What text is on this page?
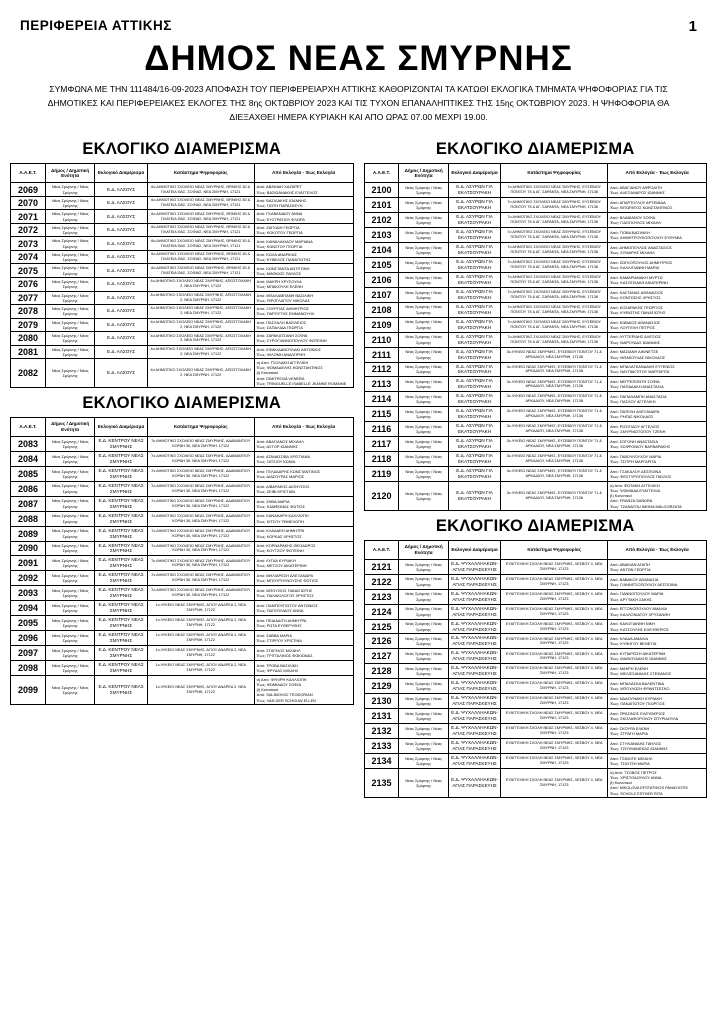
ΠΕΡΙΦΕΡΕΙΑ ΑΤΤΙΚΗΣ	1
ΔΗΜΟΣ ΝΕΑΣ ΣΜΥΡΝΗΣ
ΣΥΜΦΩΝΑ ΜΕ ΤΗΝ 111484/16-09-2023 ΑΠΟΦΑΣΗ ΤΟΥ ΠΕΡΙΦΕΡΕΙΑΡΧΗ ΑΤΤΙΚΗΣ ΚΑΘΟΡΙΖΟΝΤΑΙ ΤΑ ΚΑΤΩΘΙ ΕΚΛΟΓΙΚΑ ΤΜΗΜΑΤΑ ΨΗΦΟΦΟΡΙΑΣ ΓΙΑ ΤΙΣ ΔΗΜΟΤΙΚΕΣ ΚΑΙ ΠΕΡΙΦΕΡΕΙΑΚΕΣ ΕΚΛΟΓΕΣ ΤΗΣ 8ης ΟΚΤΩΒΡΙΟΥ 2023 ΚΑΙ ΤΙΣ ΤΥΧΟΝ ΕΠΑΝΑΛΗΠΤΙΚΕΣ ΤΗΣ 15ης ΟΚΤΩΒΡΙΟΥ 2023. Η ΨΗΦΟΦΟΡΙΑ ΘΑ ΔΙΕΞΑΧΘΕΙ ΗΜΕΡΑ ΚΥΡΙΑΚΗ ΚΑΙ ΑΠΟ ΩΡΑΣ 07.00 ΜΕΧΡΙ 19.00.
ΕΚΛΟΓΙΚΟ ΔΙΑΜΕΡΙΣΜΑ
Α.Α.Ε.Τ.	Δήμος / Δημοτική Ενότητα	Εκλογικό Διαμέρισμα	Κατάστημα Ψηφοφορίας	Από Εκλογέα - Έως Εκλογέα
2069	Νέας Σμύρνης / Νέας Σμύρνης	Ε.Δ. ΑΛΣΟΥΣ	6ο ΔΗΜΟΤΙΚΟ ΣΧΟΛΕΙΟ ΝΕΑΣ ΣΜΥΡΝΗΣ, ΘΡΑΚΗΣ 30 & ΠΛΑΤΕΙΑ ΘΑΣ. ΣΟΦΙΑΣ, ΝΕΑ ΣΜΥΡΝΗ, 17121	Από: ΑΒΑΝΙΔΗ ΧΑΖΑΡΕΤ
Έως: ΒΑΣΙΩΑΝΑΚΗΣ ΕΥΑΓΓΕΛΟΣ
2070	Νέας Σμύρνης / Νέας Σμύρνης	Ε.Δ. ΑΛΣΟΥΣ	6ο ΔΗΜΟΤΙΚΟ ΣΧΟΛΕΙΟ ΝΕΑΣ ΣΜΥΡΝΗΣ, ΘΡΑΚΗΣ 30 & ΠΛΑΤΕΙΑ ΘΑΣ. ΣΟΦΙΑΣ, ΝΕΑ ΣΜΥΡΝΗ, 17121	Από: ΒΑΣΙΛΑΚΗΣ ΙΩΑΝΝΗΣ
Έως: ΓΙΩΤΗ ΠΑΡΑΣΚΕΥΗ
2071	Νέας Σμύρνης / Νέας Σμύρνης	Ε.Δ. ΑΛΣΟΥΣ	6ο ΔΗΜΟΤΙΚΟ ΣΧΟΛΕΙΟ ΝΕΑΣ ΣΜΥΡΝΗΣ, ΘΡΑΚΗΣ 30 & ΠΛΑΤΕΙΑ ΘΑΣ. ΣΟΦΙΑΣ, ΝΕΑ ΣΜΥΡΝΗ, 17121	Από: ΓΚΑΒΑΝΙΔΟΥ ΑΝΝΑ
Έως: ΕΥΣΤΡΑΤΙΟΥ ΦΛΩΡΑ
2072	Νέας Σμύρνης / Νέας Σμύρνης	Ε.Δ. ΑΛΣΟΥΣ	6ο ΔΗΜΟΤΙΚΟ ΣΧΟΛΕΙΟ ΝΕΑΣ ΣΜΥΡΝΗΣ, ΘΡΑΚΗΣ 30 & ΠΛΑΤΕΙΑ ΘΑΣ. ΣΟΦΙΑΣ, ΝΕΑ ΣΜΥΡΝΗ, 17121	Από: ΖΑΓΚΑΙΗ ΓΕΩΡΓΙΑ
Έως: ΚΟΚΟΤΟΥ ΓΕΩΡΓΙΑ
2073	Νέας Σμύρνης / Νέας Σμύρνης	Ε.Δ. ΑΛΣΟΥΣ	6ο ΔΗΜΟΤΙΚΟ ΣΧΟΛΕΙΟ ΝΕΑΣ ΣΜΥΡΝΗΣ, ΘΡΑΚΗΣ 30 & ΠΛΑΤΕΙΑ ΘΑΣ. ΣΟΦΙΑΣ, ΝΕΑ ΣΜΥΡΝΗ, 17121	Από: ΚΑΜΑΛΑΚΙΔΟΥ ΜΑΡΙΑΝΑ
Έως: ΚΩΝΣΤΟΥ ΓΕΩΡΓΙΑ
2074	Νέας Σμύρνης / Νέας Σμύρνης	Ε.Δ. ΑΛΣΟΥΣ	6ο ΔΗΜΟΤΙΚΟ ΣΧΟΛΕΙΟ ΝΕΑΣ ΣΜΥΡΝΗΣ, ΘΡΑΚΗΣ 30 & ΠΛΑΤΕΙΑ ΘΑΣ. ΣΟΦΙΑΣ, ΝΕΑ ΣΜΥΡΝΗ, 17121	Από: ΚΩΛΑ ΑΝΔΡΙΚΑΣ
Έως: ΚΥΒΕΛΟΣ ΠΑΝΑΓΙΩΤΗΣ
2075	Νέας Σμύρνης / Νέας Σμύρνης	Ε.Δ. ΑΛΣΟΥΣ	6ο ΔΗΜΟΤΙΚΟ ΣΧΟΛΕΙΟ ΝΕΑΣ ΣΜΥΡΝΗΣ, ΘΡΑΚΗΣ 30 & ΠΛΑΤΕΙΑ ΘΑΣ. ΣΟΦΙΑΣ, ΝΕΑ ΣΜΥΡΝΗ, 17121	Από: ΚΩΝΣΤΑΝΤΑ ΑΝΤΙΓΟΝΗ
Έως: ΜΑΘΚΙΩΣ ΠΑΥΛΟΣ
2076	Νέας Σμύρνης / Νέας Σμύρνης	Ε.Δ. ΑΛΣΟΥΣ	4ο ΔΗΜΟΤΙΚΟ ΣΧΟΛΕΙΟ ΝΕΑΣ ΣΜΥΡΝΗΣ, ΑΠΟΣΤΟΛΑΚΗ 2, ΝΕΑ ΣΜΥΡΝΗ, 17122	Από: ΜΑΚΡΗ ΧΡΥΣΟΥΛΑ
Έως: ΜΠΑΚΟΥΛΗ ΕΛΕΝΗ
2077	Νέας Σμύρνης / Νέας Σμύρνης	Ε.Δ. ΑΛΣΟΥΣ	4ο ΔΗΜΟΤΙΚΟ ΣΧΟΛΕΙΟ ΝΕΑΣ ΣΜΥΡΝΗΣ, ΑΠΟΣΤΟΛΑΚΗ 2, ΝΕΑ ΣΜΥΡΝΗ, 17122	Από: ΜΠΑΛΑΜΠΑΝΗ ΒΑΣΙΛΙΚΗ
Έως: ΠΙΡΟΓΛΑΓΙΟΥ ΝΙΚΟΛΑΣ
2078	Νέας Σμύρνης / Νέας Σμύρνης	Ε.Δ. ΑΛΣΟΥΣ	4ο ΔΗΜΟΤΙΚΟ ΣΧΟΛΕΙΟ ΝΕΑΣ ΣΜΥΡΝΗΣ, ΑΠΟΣΤΟΛΑΚΗ 2, ΝΕΑ ΣΜΥΡΝΗ, 17122	Από: ΞΟΥΡΓΙΑΣ ΔΗΜΗΤΡΙΟΣ
Έως: ΠΑΡΟΥΤΗΣ ΕΜΜΑΝΟΥΗΛ
2079	Νέας Σμύρνης / Νέας Σμύρνης	Ε.Δ. ΑΛΣΟΥΣ	4ο ΔΗΜΟΤΙΚΟ ΣΧΟΛΕΙΟ ΝΕΑΣ ΣΜΥΡΝΗΣ, ΑΠΟΣΤΟΛΑΚΗ 2, ΝΕΑ ΣΜΥΡΝΗ, 17122	Από: ΠΑΣΧΑΛΗ ΒΑΣΙΛΕΙΟΣ
Έως: ΣΑΠΑΛΙΔΑ ΓΕΩΡΓΙΑ
2080	Νέας Σμύρνης / Νέας Σμύρνης	Ε.Δ. ΑΛΣΟΥΣ	4ο ΔΗΜΟΤΙΚΟ ΣΧΟΛΕΙΟ ΝΕΑΣ ΣΜΥΡΝΗΣ, ΑΠΟΣΤΟΛΑΚΗ 2, ΝΕΑ ΣΜΥΡΝΗ, 17122	Από: ΣΑΡΑΚΑΤΣΑΝΗ ΣΟΦΙΑ
Έως: ΣΥΡΟΓΙΑΝΝΟΠΟΥΛΟΥ ΦΩΤΕΙΝΗ
2081	Νέας Σμύρνης / Νέας Σμύρνης	Ε.Δ. ΑΛΣΟΥΣ	4ο ΔΗΜΟΤΙΚΟ ΣΧΟΛΕΙΟ ΝΕΑΣ ΣΜΥΡΝΗΣ, ΑΠΟΣΤΟΛΑΚΗ 2, ΝΕΑ ΣΜΥΡΝΗ, 17122	Από: ΕΦΑΚΙΔΑΝΟΥΛΑΚΙ ΑΝΤΩΝΙΟΣ
Έως: ΨΙΛΟΜΗ ΑΝΑΛΠΡΗΗ
2082	Νέας Σμύρνης / Νέας Σμύρνης	Ε.Δ. ΑΛΣΟΥΣ	4ο ΔΗΜΟΤΙΚΟ ΣΧΟΛΕΙΟ ΝΕΑΣ ΣΜΥΡΝΗΣ, ΑΠΟΣΤΟΛΑΚΗ 2, ΝΕΑ ΣΜΥΡΝΗ, 17122	α) Από: ΤΣΟΛΑΚΗ ΑΓΓΕΛΙΚΗ
Έως: ΨΩΜΑΔΕΛΗΣ ΚΩΝΣΤΑΝΤΙΝΟΣ
β) Κοινοτικοί
Από: DIMITROVA VENERA
Έως: TRINGUELLE ISABELLE JEANNE ROMAINE
ΕΚΛΟΓΙΚΟ ΔΙΑΜΕΡΙΣΜΑ
Α.Α.Ε.Τ.	Δήμος / Δημοτική Ενότητα	Εκλογικό Διαμέρισμα	Κατάστημα Ψηφοφορίας	Από Εκλογέα - Έως Εκλογέα
2083	Νέας Σμύρνης / Νέας Σμύρνης	Ε.Δ. ΚΕΝΤΡΟΥ ΝΕΑΣ ΣΜΥΡΝΗΣ	7ο ΔΗΜΟΤΙΚΟ ΣΧΟΛΕΙΟ ΝΕΑΣ ΣΜΥΡΝΗΣ, ΑΔΑΜΑΝΤΙΟΥ ΚΟΡΑΗ 30, ΝΕΑ ΣΜΥΡΝΗ, 17122	Από: ΑΒΑΓΙΑΝΟΣ ΜΙΧΑΗΛ
Έως: ΑΣΤΟΡ ΙΩΑΝΝΗΣ
2084	Νέας Σμύρνης / Νέας Σμύρνης	Ε.Δ. ΚΕΝΤΡΟΥ ΝΕΑΣ ΣΜΥΡΝΗΣ	7ο ΔΗΜΟΤΙΚΟ ΣΧΟΛΕΙΟ ΝΕΑΣ ΣΜΥΡΝΗΣ, ΑΔΑΜΑΝΤΙΟΥ ΚΟΡΑΗ 30, ΝΕΑ ΣΜΥΡΝΗ, 17122	Από: ΑΤΑΝΑΣΟΒΑ ΧΡΙΣΤΙΑΝΑ
Έως: ΓΑΤΣΙΟΥ ΚΩΝΙΑ
2085	Νέας Σμύρνης / Νέας Σμύρνης	Ε.Δ. ΚΕΝΤΡΟΥ ΝΕΑΣ ΣΜΥΡΝΗΣ	7ο ΔΗΜΟΤΙΚΟ ΣΧΟΛΕΙΟ ΝΕΑΣ ΣΜΥΡΝΗΣ, ΑΔΑΜΑΝΤΙΟΥ ΚΟΡΑΗ 30, ΝΕΑ ΣΜΥΡΝΗ, 17122	Από: ΓΕΛΑΔΑΡΗΣ ΚΩΝΣΤΑΝΤΙΝΟΣ
Έως: ΔΙΑΣΟΥΡΑΣ ΜΑΡΙΟΣ
2086	Νέας Σμύρνης / Νέας Σμύρνης	Ε.Δ. ΚΕΝΤΡΟΥ ΝΕΑΣ ΣΜΥΡΝΗΣ	7ο ΔΗΜΟΤΙΚΟ ΣΧΟΛΕΙΟ ΝΕΑΣ ΣΜΥΡΝΗΣ, ΑΔΑΜΑΝΤΙΟΥ ΚΟΡΑΗ 30, ΝΕΑ ΣΜΥΡΝΗ, 17122	Από: ΔΙΒΑΡΑΚΟΣ ΔΙΟΝΥΣΙΟΣ
Έως: ΖΕΙΒΙ ΚΡΙΣΤΙΑΝ
2087	Νέας Σμύρνης / Νέας Σμύρνης	Ε.Δ. ΚΕΝΤΡΟΥ ΝΕΑΣ ΣΜΥΡΝΗΣ	7ο ΔΗΜΟΤΙΚΟ ΣΧΟΛΕΙΟ ΝΕΑΣ ΣΜΥΡΝΗΣ, ΑΔΑΜΑΝΤΙΟΥ ΚΟΡΑΗ 30, ΝΕΑ ΣΜΥΡΝΗ, 17122	Από: ΖΗΒΑ ΜΑΡΙΑ
Έως: ΚΑΜΦΩΝΑΣ ΦΩΤΙΟΣ
2088	Νέας Σμύρνης / Νέας Σμύρνης	Ε.Δ. ΚΕΝΤΡΟΥ ΝΕΑΣ ΣΜΥΡΝΗΣ	7ο ΔΗΜΟΤΙΚΟ ΣΧΟΛΕΙΟ ΝΕΑΣ ΣΜΥΡΝΗΣ, ΑΔΑΜΑΝΤΙΟΥ ΚΟΡΑΗ 30, ΝΕΑ ΣΜΥΡΝΗ, 17122	Από: ΚΑΝΑΚΑΡΗ ΚΑΛΛΙΟΠΗ
Έως: ΚΙΤΣΟΥ ΠΗΝΕΛΟΠΗ
2089	Νέας Σμύρνης / Νέας Σμύρνης	Ε.Δ. ΚΕΝΤΡΟΥ ΝΕΑΣ ΣΜΥΡΝΗΣ	7ο ΔΗΜΟΤΙΚΟ ΣΧΟΛΕΙΟ ΝΕΑΣ ΣΜΥΡΝΗΣ, ΑΔΑΜΑΝΤΙΟΥ ΚΟΡΑΗ 30, ΝΕΑ ΣΜΥΡΝΗ, 17122	Από: ΚΛΑΔΑΚΗ ΔΗΜΗΤΡΑ
Έως: ΚΟΡΚΑΣ ΧΡΗΣΤΟΣ
2090	Νέας Σμύρνης / Νέας Σμύρνης	Ε.Δ. ΚΕΝΤΡΟΥ ΝΕΑΣ ΣΜΥΡΝΗΣ	7ο ΔΗΜΟΤΙΚΟ ΣΧΟΛΕΙΟ ΝΕΑΣ ΣΜΥΡΝΗΣ, ΑΔΑΜΑΝΤΙΟΥ ΚΟΡΑΗ 30, ΝΕΑ ΣΜΥΡΝΗ, 17122	Από: ΚΟΡΝΑΡΑΚΗΣ ΘΕΟΔΩΡΟΣ
Έως: ΚΟΥΤΣΟΥ ΦΩΤΕΙΝΗ
2091	Νέας Σμύρνης / Νέας Σμύρνης	Ε.Δ. ΚΕΝΤΡΟΥ ΝΕΑΣ ΣΜΥΡΝΗΣ	7ο ΔΗΜΟΤΙΚΟ ΣΧΟΛΕΙΟ ΝΕΑΣ ΣΜΥΡΝΗΣ, ΑΔΑΜΑΝΤΙΟΥ ΚΟΡΑΗ 30, ΝΕΑ ΣΜΥΡΝΗ, 17122	Από: ΛΥΓΔΑ ΚΥΡΙΑΚΗ
Έως: ΜΕΤΣΟΥ ΑΙΚΑΤΕΡΙΝΗ
2092	Νέας Σμύρνης / Νέας Σμύρνης	Ε.Δ. ΚΕΝΤΡΟΥ ΝΕΑΣ ΣΜΥΡΝΗΣ	7ο ΔΗΜΟΤΙΚΟ ΣΧΟΛΕΙΟ ΝΕΑΣ ΣΜΥΡΝΗΣ, ΑΔΑΜΑΝΤΙΟΥ ΚΟΡΑΗ 30, ΝΕΑ ΣΜΥΡΝΗ, 17122	Από: ΜΗΛΙΑΡΕΣΗ ΑΛΕΞΑΝΔΡΑ
Έως: ΜΠΟΥΡΟΥΝΟΥΣΗΣ ΦΩΤΙΟΣ
2093	Νέας Σμύρνης / Νέας Σμύρνης	Ε.Δ. ΚΕΝΤΡΟΥ ΝΕΑΣ ΣΜΥΡΝΗΣ	7ο ΔΗΜΟΤΙΚΟ ΣΧΟΛΕΙΟ ΝΕΑΣ ΣΜΥΡΝΗΣ, ΑΔΑΜΑΝΤΙΟΥ ΚΟΡΑΗ 30, ΝΕΑ ΣΜΥΡΝΗ, 17122	Από: ΜΠΟΥΣΙΟΣ ΠΑΝΑΓΙΩΤΗΣ
Έως: ΠΑΛΑΙΟΛΟΓΟΣ ΧΡΗΣΤΟΣ
2094	Νέας Σμύρνης / Νέας Σμύρνης	Ε.Δ. ΚΕΝΤΡΟΥ ΝΕΑΣ ΣΜΥΡΝΗΣ	1ο ΛΥΚΕΙΟ ΝΕΑΣ ΣΜΥΡΝΗΣ, ΑΓΙΟΥ ΑΝΔΡΕΑ 2, ΝΕΑ ΣΜΥΡΝΗ, 17122	Από: ΠΑΜΠΟΥΓΙΩΤΟΥ ΑΝΤΩΝΙΟΣ
Έως: ΠΑΠΟΥΛΙΔΟΥ ΑΝΝΑ
2095	Νέας Σμύρνης / Νέας Σμύρνης	Ε.Δ. ΚΕΝΤΡΟΥ ΝΕΑΣ ΣΜΥΡΝΗΣ	1ο ΛΥΚΕΙΟ ΝΕΑΣ ΣΜΥΡΝΗΣ, ΑΓΙΟΥ ΑΝΔΡΕΑ 2, ΝΕΑ ΣΜΥΡΝΗ, 17122	Από: ΠΕΔΙΑΔΙΤΗ ΔΗΜΗΤΡΑ
Έως: ΡΩΤΑ ΕΥΘΕΡΥΘΗΣ
2096	Νέας Σμύρνης / Νέας Σμύρνης	Ε.Δ. ΚΕΝΤΡΟΥ ΝΕΑΣ ΣΜΥΡΝΗΣ	1ο ΛΥΚΕΙΟ ΝΕΑΣ ΣΜΥΡΝΗΣ, ΑΓΙΟΥ ΑΝΔΡΕΑ 2, ΝΕΑ ΣΜΥΡΝΗ, 17122	Από: ΣΑΒΒΑ ΜΑΡΙΑ
Έως: ΣΤΙΡΡΟΥ ΧΡΙΣΤΙΝΑ
2097	Νέας Σμύρνης / Νέας Σμύρνης	Ε.Δ. ΚΕΝΤΡΟΥ ΝΕΑΣ ΣΜΥΡΝΗΣ	1ο ΛΥΚΕΙΟ ΝΕΑΣ ΣΜΥΡΝΗΣ, ΑΓΙΟΥ ΑΝΔΡΕΑ 2, ΝΕΑ ΣΜΥΡΝΗ, 17122	Από: ΣΤΑΓΚΙΟΣ ΜΙΧΑΗΛ
Έως: ΤΡΙΓΓΑΛΙΝΟΣ ΦΩΚΙΩΝΑΣ
2098	Νέας Σμύρνης / Νέας Σμύρνης	Ε.Δ. ΚΕΝΤΡΟΥ ΝΕΑΣ ΣΜΥΡΝΗΣ	1ο ΛΥΚΕΙΟ ΝΕΑΣ ΣΜΥΡΝΗΣ, ΑΓΙΟΥ ΑΝΔΡΕΑ 2, ΝΕΑ ΣΜΥΡΝΗ, 17122	Από: ΤΡΟΒΑ ΒΑΣΙΛΙΚΗ
Έως: ΦΡΥΔΑΣ ΜΙΧΑΗΛ
2099	Νέας Σμύρνης / Νέας Σμύρνης	Ε.Δ. ΚΕΝΤΡΟΥ ΝΕΑΣ ΣΜΥΡΝΗΣ	1ο ΛΥΚΕΙΟ ΝΕΑΣ ΣΜΥΡΝΗΣ, ΑΓΙΟΥ ΑΝΔΡΕΑ 2, ΝΕΑ ΣΜΥΡΝΗ, 17122	α) Από: ΦΥΚΙΡΗ ΚΑΛΛΙΟΠΗ
Έως: ΨΩΜΙΑΔΟΥ ΣΟΦΙΑ
β) Κοινοτικοί
Από: SALIMOVICI TEODORIAN
Έως: VAN DER SCHOUW ELLEN
ΕΚΛΟΓΙΚΟ ΔΙΑΜΕΡΙΣΜΑ
Α.Α.Ε.Τ.	Δήμος / Δημοτική Ενότητα	Εκλογικό Διαμέρισμα	Κατάστημα Ψηφοφορίας	Από Εκλογέα - Έως Εκλογέα
2100	Νέας Σμύρνης / Νέας Σμύρνης	Ε.Δ. ΑΣΥΡΩΝ ΓΙΑ ΕΚΑΤΣΟΥΡΑΚΗ	7ο ΔΗΜΟΤΙΚΟ ΣΧΟΛΕΙΟ ΝΕΑΣ ΣΜΥΡΝΗΣ, ΕΥΣΕΒΙΟΥ ΠΟΝΤΟΥ 75 & ΑΓ. ΣΑΡΑΝΤΑ, ΝΕΑ ΣΜΥΡΝΗ, 17136	Από: ΑΒΑΓΙΑΝΟΥ ΑΦΡΟΔΙΤΗ
Έως: ΑΛΕΞΑΝΔΡΟΣ ΙΩΑΝΝΗΣ
2101	Νέας Σμύρνης / Νέας Σμύρνης	Ε.Δ. ΑΣΥΡΩΝ ΓΙΑ ΕΚΑΤΣΟΥΡΑΚΗ	7ο ΔΗΜΟΤΙΚΟ ΣΧΟΛΕΙΟ ΝΕΑΣ ΣΜΥΡΝΗΣ, ΕΥΣΕΒΙΟΥ ΠΟΝΤΟΥ 75 & ΑΓ. ΣΑΡΑΝΤΑ, ΝΕΑ ΣΜΥΡΝΗ, 17136	Από: ΑΠΑΡΤΟΓΛΟΥ ΑΡΤΕΜΙΔΑ
Έως: ΒΙΤΩΡΑΤΟΣ ΚΩΝΣΤΑΝΤΙΝΟΣ
2102	Νέας Σμύρνης / Νέας Σμύρνης	Ε.Δ. ΑΣΥΡΩΝ ΓΙΑ ΕΚΑΤΣΟΥΡΑΚΗ	7ο ΔΗΜΟΤΙΚΟ ΣΧΟΛΕΙΟ ΝΕΑΣ ΣΜΥΡΝΗΣ, ΕΥΣΕΒΙΟΥ ΠΟΝΤΟΥ 75 & ΑΓ. ΣΑΡΑΝΤΑ, ΝΕΑ ΣΜΥΡΝΗ, 17136	Από: ΒΛΑΒΙΑΝΟΥ ΣΟΦΙΑ
Έως: ΓΙΔΟΠΟΥΛΟΣ ΜΙΧΑΗΛ
2103	Νέας Σμύρνης / Νέας Σμύρνης	Ε.Δ. ΑΣΥΡΩΝ ΓΙΑ ΕΚΑΤΣΟΥΡΑΚΗ	7ο ΔΗΜΟΤΙΚΟ ΣΧΟΛΕΙΟ ΝΕΑΣ ΣΜΥΡΝΗΣ, ΕΥΣΕΒΙΟΥ ΠΟΝΤΟΥ 75 & ΑΓ. ΣΑΡΑΝΤΑ, ΝΕΑ ΣΜΥΡΝΗ, 17136	Από: ΓΙΟΒΑ ΒΑΣΙΛΙΚΗ
Έως: ΔΗΜΗΤΡΟΥΚΟΠΟΥΛΟΥ ΕΥΘΥΜΙΑ
2104	Νέας Σμύρνης / Νέας Σμύρνης	Ε.Δ. ΑΣΥΡΩΝ ΓΙΑ ΕΚΑΤΣΟΥΡΑΚΗ	7ο ΔΗΜΟΤΙΚΟ ΣΧΟΛΕΙΟ ΝΕΑΣ ΣΜΥΡΝΗΣ, ΕΥΣΕΒΙΟΥ ΠΟΝΤΟΥ 75 & ΑΓ. ΣΑΡΑΝΤΑ, ΝΕΑ ΣΜΥΡΝΗ, 17136	Από: ΔΗΜΟΠΟΥΛΟΣ ΑΝΑΣΤΑΣΙΟΣ
Έως: ΖΥΜΑΡΗΣ ΜΙΧΑΗΛ
2105	Νέας Σμύρνης / Νέας Σμύρνης	Ε.Δ. ΑΣΥΡΩΝ ΓΙΑ ΕΚΑΤΣΟΥΡΑΚΗ	7ο ΔΗΜΟΤΙΚΟ ΣΧΟΛΕΙΟ ΝΕΑΣ ΣΜΥΡΝΗΣ, ΕΥΣΕΒΙΟΥ ΠΟΝΤΟΥ 75 & ΑΓ. ΣΑΡΑΝΤΑ, ΝΕΑ ΣΜΥΡΝΗ, 17136	Από: ΖΩΓΚΟΠΟΥΛΟΣ ΔΗΜΗΤΡΙΟΣ
Έως: ΚΑΛΛΙΓΙΑΝΝΗ ΜΑΡΙΑ
2106	Νέας Σμύρνης / Νέας Σμύρνης	Ε.Δ. ΑΣΥΡΩΝ ΓΙΑ ΕΚΑΤΣΟΥΡΑΚΗ	7ο ΔΗΜΟΤΙΚΟ ΣΧΟΛΕΙΟ ΝΕΑΣ ΣΜΥΡΝΗΣ, ΕΥΣΕΒΙΟΥ ΠΟΝΤΟΥ 75 & ΑΓ. ΣΑΡΑΝΤΑ, ΝΕΑ ΣΜΥΡΝΗ, 17136	Από: ΚΑΜΑΡΙΑΝΑΚΗ ΜΥΡΤΩ
Έως: ΚΑΣΟΠΛΑΚΗ ΑΙΚΑΤΕΡΙΝΗ
2107	Νέας Σμύρνης / Νέας Σμύρνης	Ε.Δ. ΑΣΥΡΩΝ ΓΙΑ ΕΚΑΤΣΟΥΡΑΚΗ	7ο ΔΗΜΟΤΙΚΟ ΣΧΟΛΕΙΟ ΝΕΑΣ ΣΜΥΡΝΗΣ, ΕΥΣΕΒΙΟΥ ΠΟΝΤΟΥ 75 & ΑΓ. ΣΑΡΑΝΤΑ, ΝΕΑ ΣΜΥΡΝΗ, 17136	Από: ΚΑΣΤΑΝΑΣ ΑΘΑΝΑΣΙΟΣ
Έως: ΚΟΝΤΩΣΗΣ ΧΡΗΣΤΟΣ
2108	Νέας Σμύρνης / Νέας Σμύρνης	Ε.Δ. ΑΣΥΡΩΝ ΓΙΑ ΕΚΑΤΣΟΥΡΑΚΗ	7ο ΔΗΜΟΤΙΚΟ ΣΧΟΛΕΙΟ ΝΕΑΣ ΣΜΥΡΝΗΣ, ΕΥΣΕΒΙΟΥ ΠΟΝΤΟΥ 75 & ΑΓ. ΣΑΡΑΝΤΑ, ΝΕΑ ΣΜΥΡΝΗ, 17136	Από: ΚΟΣΑΡΑΚΗΣ ΓΕΩΡΓΙΟΣ
Έως: ΚΥΦΙΩΤΗΣ ΠΑΝΑΓΙΩΤΗΣ
2109	Νέας Σμύρνης / Νέας Σμύρνης	Ε.Δ. ΑΣΥΡΩΝ ΓΙΑ ΕΚΑΤΣΟΥΡΑΚΗ	7ο ΔΗΜΟΤΙΚΟ ΣΧΟΛΕΙΟ ΝΕΑΣ ΣΜΥΡΝΗΣ, ΕΥΣΕΒΙΟΥ ΠΟΝΤΟΥ 75 & ΑΓ. ΣΑΡΑΝΤΑ, ΝΕΑ ΣΜΥΡΝΗ, 17136	Από: ΚΩΒΑΙΟΣ ΑΘΑΝΑΣΙΟΣ
Έως: ΛΟΥΓΕΛΗ ΠΕΤΡΟΣ
2110	Νέας Σμύρνης / Νέας Σμύρνης	Ε.Δ. ΑΣΥΡΩΝ ΓΙΑ ΕΚΑΤΣΟΥΡΑΚΗ	7ο ΔΗΜΟΤΙΚΟ ΣΧΟΛΕΙΟ ΝΕΑΣ ΣΜΥΡΝΗΣ, ΕΥΣΕΒΙΟΥ ΠΟΝΤΟΥ 75 & ΑΓ. ΣΑΡΑΝΤΑ, ΝΕΑ ΣΜΥΡΝΗ, 17136	Από: ΛΥΤΤΕΡΙΔΗΣ ΑΛΕΞΙΟΣ
Έως: ΜΑΡΟΥΔΑΣ ΙΩΑΝΝΗΣ
2111	Νέας Σμύρνης / Νέας Σμύρνης	Ε.Δ. ΑΣΥΡΩΝ ΓΙΑ ΕΚΑΤΣΟΥΡΑΚΗ	3ο ΛΥΚΕΙΟ ΝΕΑΣ ΣΜΥΡΝΗΣ, ΕΥΣΕΒΙΟΥ ΠΟΝΤΟΥ 71 & ΑΡΚΑΔΙΟΥ, ΝΕΑ ΣΜΥΡΝΗ, 17136	Από: ΜΑΣΙΑΝΗ ΑΙΚΙΝΕΤΣΕ
Έως: ΜΠΑΚΟΥΛΑΣ ΝΙΚΟΛΑΟΣ
2112	Νέας Σμύρνης / Νέας Σμύρνης	Ε.Δ. ΑΣΥΡΩΝ ΓΙΑ ΕΚΑΤΣΟΥΡΑΚΗ	3ο ΛΥΚΕΙΟ ΝΕΑΣ ΣΜΥΡΝΗΣ, ΕΥΣΕΒΙΟΥ ΠΟΝΤΟΥ 71 & ΑΡΚΑΔΙΟΥ, ΝΕΑ ΣΜΥΡΝΗ, 17136	Από: ΜΠΑΛΑΓΚΑΝΔΑΚΗ ΕΥΓΕΝΙΟΣ
Έως: ΝΑΥΠΑΚΤΙΤΟΥ ΜΑΡΓΑΡΙΤΑ
2113	Νέας Σμύρνης / Νέας Σμύρνης	Ε.Δ. ΑΣΥΡΩΝ ΓΙΑ ΕΚΑΤΣΟΥΡΑΚΗ	3ο ΛΥΚΕΙΟ ΝΕΑΣ ΣΜΥΡΝΗΣ, ΕΥΣΕΒΙΟΥ ΠΟΝΤΟΥ 71 & ΑΡΚΑΔΙΟΥ, ΝΕΑ ΣΜΥΡΝΗ, 17136	Από: ΝΕΓΡΕΠΟΝΤΗ ΣΟΦΙΑ
Έως: ΠΑΠΑΔΑΚΗ ΑΝΑΣΤΑΣΙΑ
2114	Νέας Σμύρνης / Νέας Σμύρνης	Ε.Δ. ΑΣΥΡΩΝ ΓΙΑ ΕΚΑΤΣΟΥΡΑΚΗ	3ο ΛΥΚΕΙΟ ΝΕΑΣ ΣΜΥΡΝΗΣ, ΕΥΣΕΒΙΟΥ ΠΟΝΤΟΥ 71 & ΑΡΚΑΔΙΟΥ, ΝΕΑ ΣΜΥΡΝΗ, 17136	Από: ΠΑΠΑΛΑΜΠΗ ΑΝΑΣΤΑΣΙΑ
Έως: ΠΑΣΧΟΥ ΑΓΓΕΛΙΚΗ
2115	Νέας Σμύρνης / Νέας Σμύρνης	Ε.Δ. ΑΣΥΡΩΝ ΓΙΑ ΕΚΑΤΣΟΥΡΑΚΗ	3ο ΛΥΚΕΙΟ ΝΕΑΣ ΣΜΥΡΝΗΣ, ΕΥΣΕΒΙΟΥ ΠΟΝΤΟΥ 71 & ΑΡΚΑΔΙΟΥ, ΝΕΑ ΣΜΥΡΝΗ, 17136	Από: ΠΑΤΕΛΗ ΑΛΕΞΑΝΔΡΑ
Έως: ΡΗΓΑΣ ΝΙΚΟΛΑΟΣ
2116	Νέας Σμύρνης / Νέας Σμύρνης	Ε.Δ. ΑΣΥΡΩΝ ΓΙΑ ΕΚΑΤΣΟΥΡΑΚΗ	3ο ΛΥΚΕΙΟ ΝΕΑΣ ΣΜΥΡΝΗΣ, ΕΥΣΕΒΙΟΥ ΠΟΝΤΟΥ 71 & ΑΡΚΑΔΙΟΥ, ΝΕΑ ΣΜΥΡΝΗ, 17136	Από: ΡΙΖΟΓΙΔΟΥ ΑΓΓΕΛΙΟΣ
Έως: ΣΜΥΡΝΙΩΤΟΠΟΥ ΤΖΕΝΗ
2117	Νέας Σμύρνης / Νέας Σμύρνης	Ε.Δ. ΑΣΥΡΩΝ ΓΙΑ ΕΚΑΤΣΟΥΡΑΚΗ	3ο ΛΥΚΕΙΟ ΝΕΑΣ ΣΜΥΡΝΗΣ, ΕΥΣΕΒΙΟΥ ΠΟΝΤΟΥ 71 & ΑΡΚΑΔΙΟΥ, ΝΕΑ ΣΜΥΡΝΗ, 17136	Από: ΣΟΓΟΝΗ ΑΝΑΣΤΑΣΙΑ
Έως: ΣΩΦΡΟΝΙΟΥ ΒΑΡΒΑΡΑΚΗΣ
2118	Νέας Σμύρνης / Νέας Σμύρνης	Ε.Δ. ΑΣΥΡΩΝ ΓΙΑ ΕΚΑΤΣΟΥΡΑΚΗ	3ο ΛΥΚΕΙΟ ΝΕΑΣ ΣΜΥΡΝΗΣ, ΕΥΣΕΒΙΟΥ ΠΟΝΤΟΥ 71 & ΑΡΚΑΔΙΟΥ, ΝΕΑ ΣΜΥΡΝΗ, 17136	Από: ΤΑΒΟΥΛΟΥΧΟΥ ΜΑΡΙΑ
Έως: ΤΣΙΤΡΗ ΜΑΡΓΑΡΙΤΑ
2119	Νέας Σμύρνης / Νέας Σμύρνης	Ε.Δ. ΑΣΥΡΩΝ ΓΙΑ ΕΚΑΤΣΟΥΡΑΚΗ	3ο ΛΥΚΕΙΟ ΝΕΑΣ ΣΜΥΡΝΗΣ, ΕΥΣΕΒΙΟΥ ΠΟΝΤΟΥ 71 & ΑΡΚΑΔΙΟΥ, ΝΕΑ ΣΜΥΡΝΗ, 17136	Από: ΤΣΑΚΑΛΟΥ ΔΕΣΠΟΙΝΑ
Έως: ΦΕΣΤΥΡΟΠΟΥΛΟΣ ΠΑΥΛΟΣ
2120	Νέας Σμύρνης / Νέας Σμύρνης	Ε.Δ. ΑΣΥΡΩΝ ΓΙΑ ΕΚΑΤΣΟΥΡΑΚΗ	3ο ΛΥΚΕΙΟ ΝΕΑΣ ΣΜΥΡΝΗΣ, ΕΥΣΕΒΙΟΥ ΠΟΝΤΟΥ 71 & ΑΡΚΑΔΙΟΥ, ΝΕΑ ΣΜΥΡΝΗ, 17136	α) Από: ΦΩΤΑΚΗ ΑΓΓΕΛΙΚΗ
Έως: ΨΩΜΙΑΔΑ ΕΥΑΓΓΕΛΙΑ
β) Κοινοτικοί
Από: FRANZA SANDRA
Έως: TZANATOU IMONA MALGORZATA
ΕΚΛΟΓΙΚΟ ΔΙΑΜΕΡΙΣΜΑ
Α.Α.Ε.Τ.	Δήμος / Δημοτική Ενότητα	Εκλογικό Διαμέρισμα	Κατάστημα Ψηφοφορίας	Από Εκλογέα - Έως Εκλογέα
2121	Νέας Σμύρνης / Νέας Σμύρνης	Ε.Δ. ΨΥΧΑΛΛΗΑΚΩΝ-ΑΓΙΑΣ ΠΑΡΑΣΚΕΥΗΣ	ΕΥΑΓΓΕΛΙΚΗ ΣΧΟΛΗ ΝΕΑΣ ΣΜΥΡΝΗΣ, ΛΕΣΒΟΥ 4, ΝΕΑ ΣΜΥΡΝΗ, 17123	Από: ΑΒΑΚΙΑΝ ΑΓΑΠΗ
Έως: ΑΝΤΩΝ ΓΕΩΡΓΙΑ
2122	Νέας Σμύρνης / Νέας Σμύρνης	Ε.Δ. ΨΥΧΑΛΛΗΑΚΩΝ-ΑΓΙΑΣ ΠΑΡΑΣΚΕΥΗΣ	ΕΥΑΓΓΕΛΙΚΗ ΣΧΟΛΗ ΝΕΑΣ ΣΜΥΡΝΗΣ, ΛΕΣΒΟΥ 4, ΝΕΑ ΣΜΥΡΝΗ, 17123	Από: ΒΑΒΑΚΟΥ ΑΘΑΝΑΣΙΑ
Έως: ΓΙΑΝΝΙΤΣΟΠΟΥΛΟΥ ΔΕΣΠΟΙΝΑ
2123	Νέας Σμύρνης / Νέας Σμύρνης	Ε.Δ. ΨΥΧΑΛΛΗΑΚΩΝ-ΑΓΙΑΣ ΠΑΡΑΣΚΕΥΗΣ	ΕΥΑΓΓΕΛΙΚΗ ΣΧΟΛΗ ΝΕΑΣ ΣΜΥΡΝΗΣ, ΛΕΣΒΟΥ 4, ΝΕΑ ΣΜΥΡΝΗ, 17123	Από: ΓΙΑΝΝΟΠΟΥΛΟΥ ΜΑΡΙΑ
Έως: ΔΡΥΤΑΚΗ ΣΑΚΗΣ
2124	Νέας Σμύρνης / Νέας Σμύρνης	Ε.Δ. ΨΥΧΑΛΛΗΑΚΩΝ-ΑΓΙΑΣ ΠΑΡΑΣΚΕΥΗΣ	ΕΥΑΓΓΕΛΙΚΗ ΣΧΟΛΗ ΝΕΑΣ ΣΜΥΡΝΗΣ, ΛΕΣΒΟΥ 4, ΝΕΑ ΣΜΥΡΝΗ, 17123	Από: ΕΓΓΟΝΟΠΟΥΛΟΥ ΑΜΑΛΙΑ
Έως: ΚΑΛΛΟΝΙΑΤΟΥ ΧΡΥΣΑΝΘΗ
2125	Νέας Σμύρνης / Νέας Σμύρνης	Ε.Δ. ΨΥΧΑΛΛΗΑΚΩΝ-ΑΓΙΑΣ ΠΑΡΑΣΚΕΥΗΣ	ΕΥΑΓΓΕΛΙΚΗ ΣΧΟΛΗ ΝΕΑΣ ΣΜΥΡΝΗΣ, ΛΕΣΒΟΥ 4, ΝΕΑ ΣΜΥΡΝΗ, 17123	Από: ΚΑΛΟΓΙΑΝΝΗ ΝΙΚΗ
Έως: ΚΑΤΣΟΥΛΗΣ ΕΛΕΥΘΕΡΙΟΣ
2126	Νέας Σμύρνης / Νέας Σμύρνης	Ε.Δ. ΨΥΧΑΛΛΗΑΚΩΝ-ΑΓΙΑΣ ΠΑΡΑΣΚΕΥΗΣ	ΕΥΑΓΓΕΛΙΚΗ ΣΧΟΛΗ ΝΕΑΣ ΣΜΥΡΝΗΣ, ΛΕΣΒΟΥ 4, ΝΕΑ ΣΜΥΡΝΗ, 17123	Από: ΚΛΑΔΑ ΑΜΑΛΙΑ
Έως: ΚΥΝΗΓΟΥ ΒΕΝΕΤΙΑ
2127	Νέας Σμύρνης / Νέας Σμύρνης	Ε.Δ. ΨΥΧΑΛΛΗΑΚΩΝ-ΑΓΙΑΣ ΠΑΡΑΣΚΕΥΗΣ	ΕΥΑΓΓΕΛΙΚΗ ΣΧΟΛΗ ΝΕΑΣ ΣΜΥΡΝΗΣ, ΛΕΣΒΟΥ 4, ΝΕΑ ΣΜΥΡΝΗ, 17123	Από: ΚΥΠΑΡΙΣΣΗ ΑΙΚΑΤΕΡΙΝΗ
Έως: ΜΑΘΙΟΥΔΑΚΗΣ ΙΩΑΝΝΗΣ
2128	Νέας Σμύρνης / Νέας Σμύρνης	Ε.Δ. ΨΥΧΑΛΛΗΑΚΩΝ-ΑΓΙΑΣ ΠΑΡΑΣΚΕΥΗΣ	ΕΥΑΓΓΕΛΙΚΗ ΣΧΟΛΗ ΝΕΑΣ ΣΜΥΡΝΗΣ, ΛΕΣΒΟΥ 4, ΝΕΑ ΣΜΥΡΝΗ, 17123	Από: ΜΑΚΡΗ ΕΛΕΝΗ
Έως: ΜΕΛΙΣΣΑΝΙΔΗΣ ΣΤΕΦΑΝΟΣ
2129	Νέας Σμύρνης / Νέας Σμύρνης	Ε.Δ. ΨΥΧΑΛΛΗΑΚΩΝ-ΑΓΙΑΣ ΠΑΡΑΣΚΕΥΗΣ	ΕΥΑΓΓΕΛΙΚΗ ΣΧΟΛΗ ΝΕΑΣ ΣΜΥΡΝΗΣ, ΛΕΣΒΟΥ 4, ΝΕΑ ΣΜΥΡΝΗ, 17123	Από: ΜΠΑΛΑΣΚΑ ΒΑΛΕΝΤΙΝΑ
Έως: ΜΠΟΥΛΩΣΗ ΦΡΑΝΤΣΕΣΚΟ
2130	Νέας Σμύρνης / Νέας Σμύρνης	Ε.Δ. ΨΥΧΑΛΛΗΑΚΩΝ-ΑΓΙΑΣ ΠΑΡΑΣΚΕΥΗΣ	ΕΥΑΓΓΕΛΙΚΗ ΣΧΟΛΗ ΝΕΑΣ ΣΜΥΡΝΗΣ, ΛΕΣΒΟΥ 4, ΝΕΑ ΣΜΥΡΝΗ, 17123	Από: ΝΔΑΟΥΝΑΚΗ ΚΥΡΙΑΚΗ
Έως: ΠΑΝΑΓΙΩΤΟΥ ΓΕΩΡΓΙΟΣ
2131	Νέας Σμύρνης / Νέας Σμύρνης	Ε.Δ. ΨΥΧΑΛΛΗΑΚΩΝ-ΑΓΙΑΣ ΠΑΡΑΣΚΕΥΗΣ	ΕΥΑΓΓΕΛΙΚΗ ΣΧΟΛΗ ΝΕΑΣ ΣΜΥΡΝΗΣ, ΛΕΣΒΟΥ 4, ΝΕΑ ΣΜΥΡΝΗ, 17123	Από: ΠΡΑΣΙΝΟΣ ΕΛΕΥΘΕΡΙΟΣ
Έως: ΣΚΟΛΑΦΟΡΟΛΟΥ ΣΠΥΡΙΔΟΥΛΑ
2132	Νέας Σμύρνης / Νέας Σμύρνης	Ε.Δ. ΨΥΧΑΛΛΗΑΚΩΝ-ΑΓΙΑΣ ΠΑΡΑΣΚΕΥΗΣ	ΕΥΑΓΓΕΛΙΚΗ ΣΧΟΛΗ ΝΕΑΣ ΣΜΥΡΝΗΣ, ΛΕΣΒΟΥ 4, ΝΕΑ ΣΜΥΡΝΗ, 17123	Από: ΣΚΟΥΡΑ ΕΛΕΝΗ
Έως: ΣΤΡΑΤΗ ΜΑΡΙΑ
2133	Νέας Σμύρνης / Νέας Σμύρνης	Ε.Δ. ΨΥΧΑΛΛΗΑΚΩΝ-ΑΓΙΑΣ ΠΑΡΑΣΚΕΥΗΣ	ΕΥΑΓΓΕΛΙΚΗ ΣΧΟΛΗ ΝΕΑΣ ΣΜΥΡΝΗΣ, ΛΕΣΒΟΥ 4, ΝΕΑ ΣΜΥΡΝΗ, 17123	Από: ΣΤΥΛΙΑΝΙΔΗΣ ΠΑΥΛΟΣ
Έως: ΤΖΟΥΜΑΝΕΚΑΣ ΙΩΑΝΝΗΣ
2134	Νέας Σμύρνης / Νέας Σμύρνης	Ε.Δ. ΨΥΧΑΛΛΗΑΚΩΝ-ΑΓΙΑΣ ΠΑΡΑΣΚΕΥΗΣ	ΕΥΑΓΓΕΛΙΚΗ ΣΧΟΛΗ ΝΕΑΣ ΣΜΥΡΝΗΣ, ΛΕΣΒΟΥ 4, ΝΕΑ ΣΜΥΡΝΗ, 17123	Από: ΤΣΙΜΟΓΕ ΜΙΧΑΗΛ
Έως: ΤΣΙΩΤΣΗ ΜΑΡΙΑ
2135	Νέας Σμύρνης / Νέας Σμύρνης	Ε.Δ. ΨΥΧΑΛΛΗΑΚΩΝ-ΑΓΙΑΣ ΠΑΡΑΣΚΕΥΗΣ	ΕΥΑΓΓΕΛΙΚΗ ΣΧΟΛΗ ΝΕΑΣ ΣΜΥΡΝΗΣ, ΛΕΣΒΟΥ 4, ΝΕΑ ΣΜΥΡΝΗ, 17123	α) Από: ΤΣΟΒΟΣ ΠΕΤΡΟΣ
Έως: ΧΡΙΣΤΟΔΟΥΛΟΥ ΑΝΝΑ
β) Κοινοτικοί
Από: NIKOLOVA EFSTATHIOS PANAYIOTIS
Έως: SCHOLZ ESTHER RITA
